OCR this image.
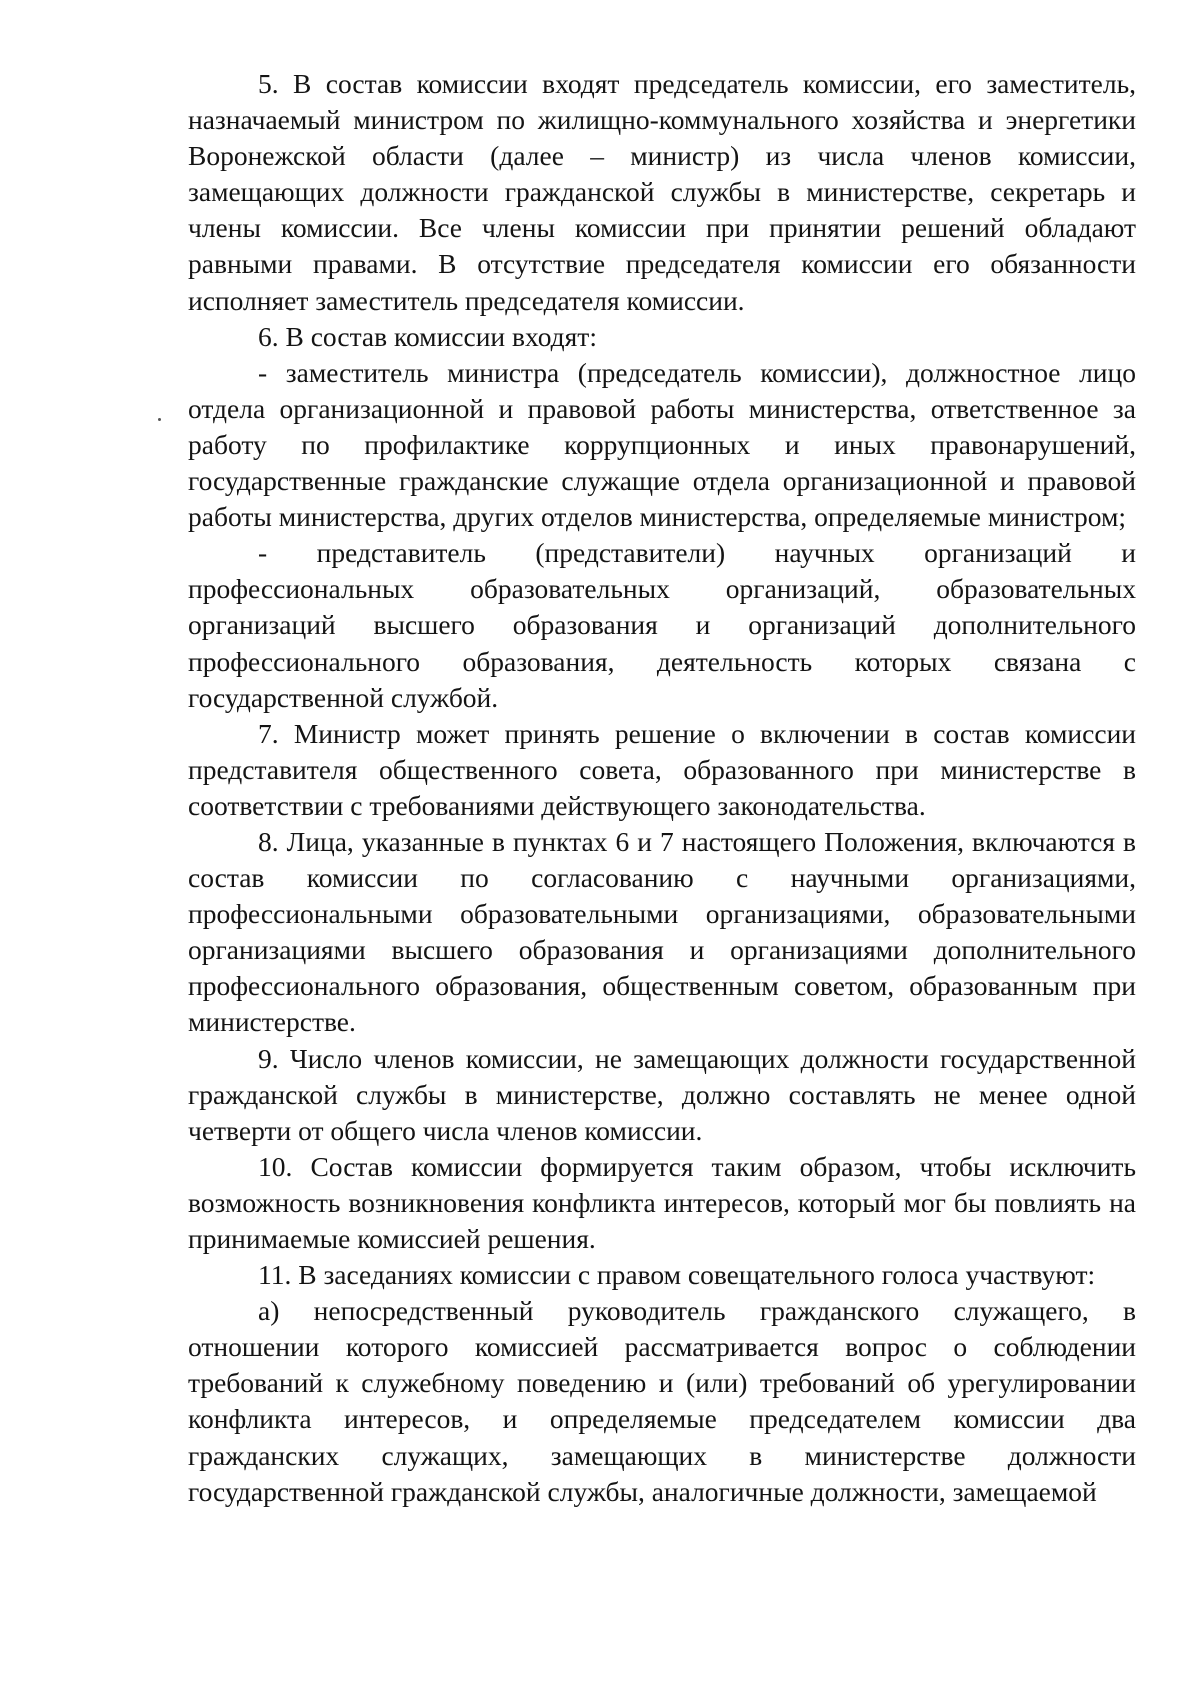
5. В состав комиссии входят председатель комиссии, его заместитель, назначаемый министром по жилищно-коммунального хозяйства и энергетики Воронежской области (далее – министр) из числа членов комиссии, замещающих должности гражданской службы в министерстве, секретарь и члены комиссии. Все члены комиссии при принятии решений обладают равными правами. В отсутствие председателя комиссии его обязанности исполняет заместитель председателя комиссии.

6. В состав комиссии входят:

- заместитель министра (председатель комиссии), должностное лицо отдела организационной и правовой работы министерства, ответственное за работу по профилактике коррупционных и иных правонарушений, государственные гражданские служащие отдела организационной и правовой работы министерства, других отделов министерства, определяемые министром;

- представитель (представители) научных организаций и профессиональных образовательных организаций, образовательных организаций высшего образования и организаций дополнительного профессионального образования, деятельность которых связана с государственной службой.

7. Министр может принять решение о включении в состав комиссии представителя общественного совета, образованного при министерстве в соответствии с требованиями действующего законодательства.

8. Лица, указанные в пунктах 6 и 7 настоящего Положения, включаются в состав комиссии по согласованию с научными организациями, профессиональными образовательными организациями, образовательными организациями высшего образования и организациями дополнительного профессионального образования, общественным советом, образованным при министерстве.

9. Число членов комиссии, не замещающих должности государственной гражданской службы в министерстве, должно составлять не менее одной четверти от общего числа членов комиссии.

10. Состав комиссии формируется таким образом, чтобы исключить возможность возникновения конфликта интересов, который мог бы повлиять на принимаемые комиссией решения.

11. В заседаниях комиссии с правом совещательного голоса участвуют:

а) непосредственный руководитель гражданского служащего, в отношении которого комиссией рассматривается вопрос о соблюдении требований к служебному поведению и (или) требований об урегулировании конфликта интересов, и определяемые председателем комиссии два гражданских служащих, замещающих в министерстве должности государственной гражданской службы, аналогичные должности, замещаемой
